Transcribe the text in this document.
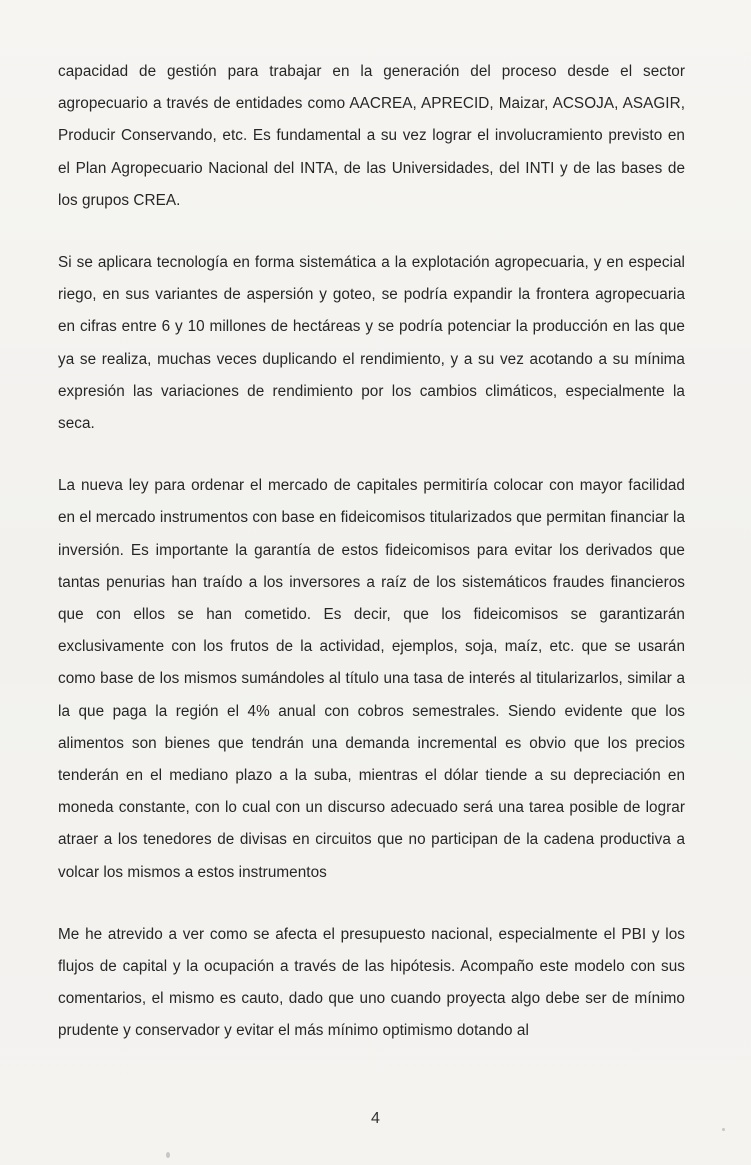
capacidad de gestión para trabajar en la generación del proceso desde el sector agropecuario a través de entidades como AACREA, APRECID, Maizar, ACSOJA, ASAGIR, Producir Conservando, etc. Es fundamental a su vez lograr el involucramiento previsto en el Plan Agropecuario Nacional del INTA, de las Universidades, del INTI y de las bases de los grupos CREA.

Si se aplicara tecnología en forma sistemática a la explotación agropecuaria, y en especial riego, en sus variantes de aspersión y goteo, se podría expandir la frontera agropecuaria en cifras entre 6 y 10 millones de hectáreas y se podría potenciar la producción en las que ya se realiza, muchas veces duplicando el rendimiento, y a su vez acotando a su mínima expresión las variaciones de rendimiento por los cambios climáticos, especialmente la seca.

La nueva ley para ordenar el mercado de capitales permitiría colocar con mayor facilidad en el mercado instrumentos con base en fideicomisos titularizados que permitan financiar la inversión. Es importante la garantía de estos fideicomisos para evitar los derivados que tantas penurias han traído a los inversores a raíz de los sistemáticos fraudes financieros que con ellos se han cometido. Es decir, que los fideicomisos se garantizarán exclusivamente con los frutos de la actividad, ejemplos, soja, maíz, etc. que se usarán como base de los mismos sumándoles al título una tasa de interés al titularizarlos, similar a la que paga la región el 4% anual con cobros semestrales. Siendo evidente que los alimentos son bienes que tendrán una demanda incremental es obvio que los precios tenderán en el mediano plazo a la suba, mientras el dólar tiende a su depreciación en moneda constante, con lo cual con un discurso adecuado será una tarea posible de lograr atraer a los tenedores de divisas en circuitos que no participan de la cadena productiva a volcar los mismos a estos instrumentos

Me he atrevido a ver como se afecta el presupuesto nacional, especialmente el PBI y los flujos de capital y la ocupación a través de las hipótesis. Acompaño este modelo con sus comentarios, el mismo es cauto, dado que uno cuando proyecta algo debe ser de mínimo prudente y conservador y evitar el más mínimo optimismo dotando al

4
